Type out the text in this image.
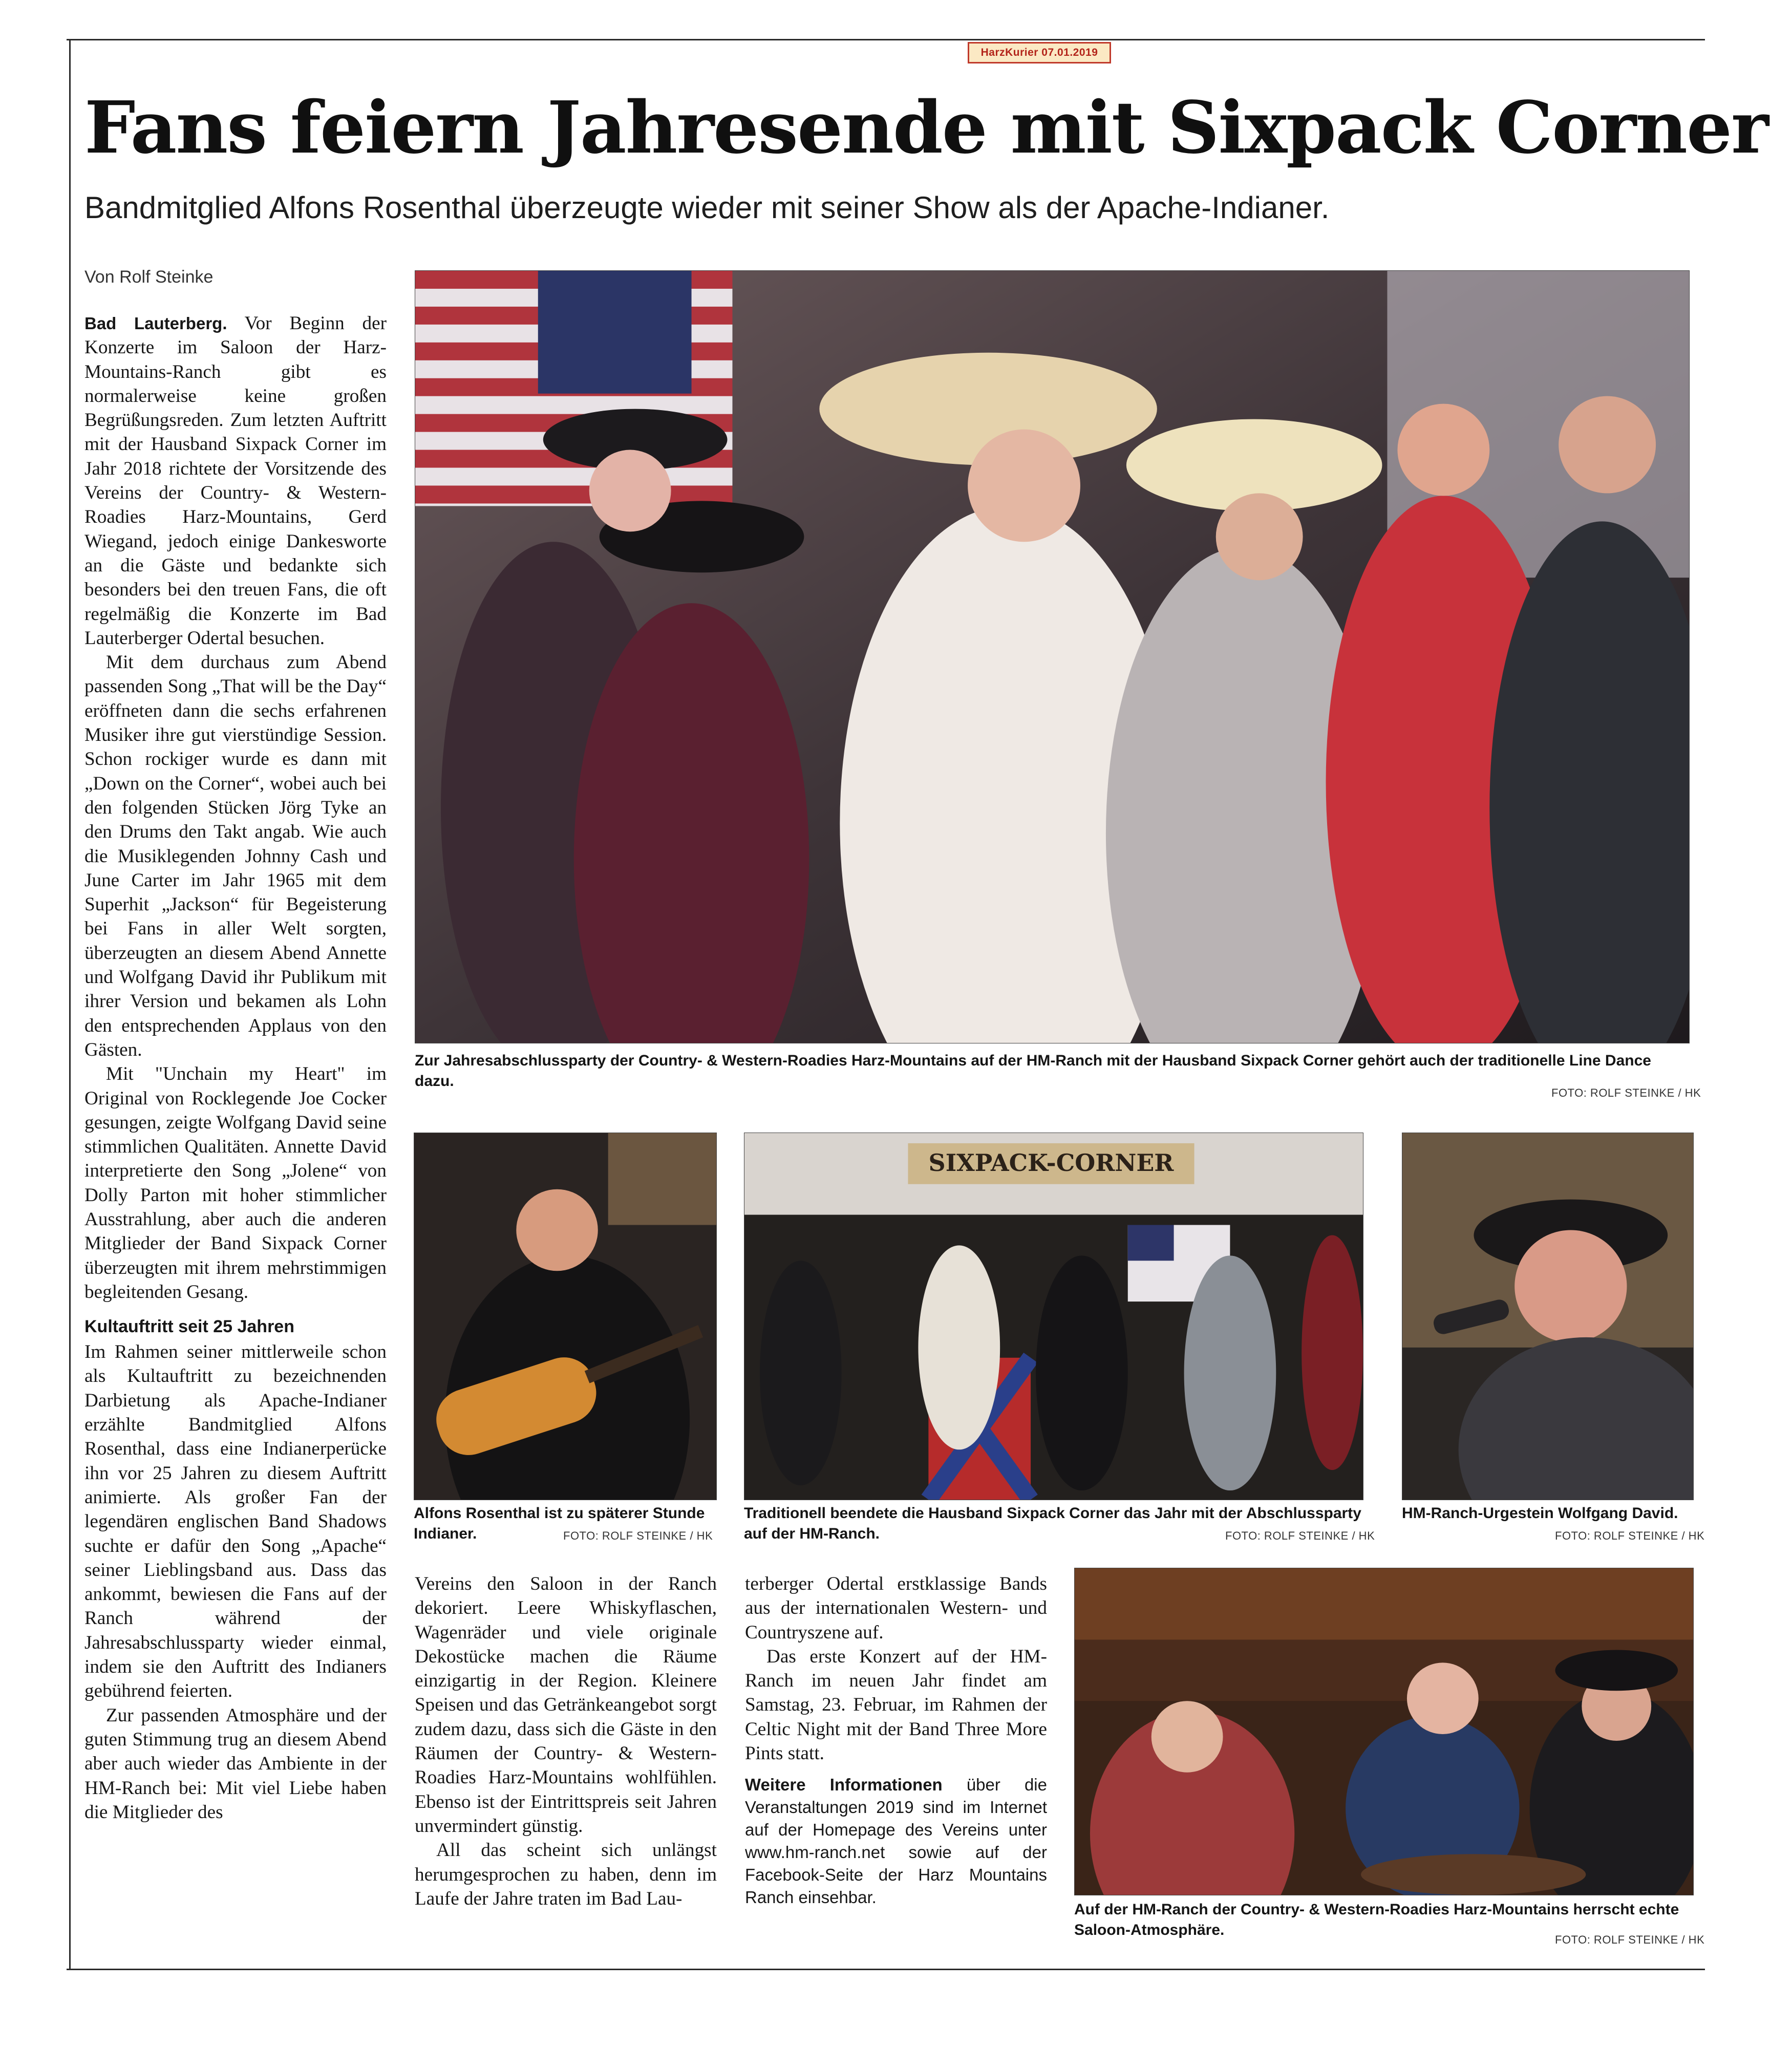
HarzKurier 07.01.2019
Fans feiern Jahresende mit Sixpack Corner
Bandmitglied Alfons Rosenthal überzeugte wieder mit seiner Show als der Apache-Indianer.
Von Rolf Steinke

Bad Lauterberg. Vor Beginn der Konzerte im Saloon der Harz-Mountains-Ranch gibt es normalerweise keine großen Begrüßungsreden. Zum letzten Auftritt mit der Hausband Sixpack Corner im Jahr 2018 richtete der Vorsitzende des Vereins der Country- & Western-Roadies Harz-Mountains, Gerd Wiegand, jedoch einige Dankesworte an die Gäste und bedankte sich besonders bei den treuen Fans, die oft regelmäßig die Konzerte im Bad Lauterberger Odertal besuchen.

Mit dem durchaus zum Abend passenden Song „That will be the Day“ eröffneten dann die sechs erfahrenen Musiker ihre gut vierstündige Session. Schon rockiger wurde es dann mit „Down on the Corner“, wobei auch bei den folgenden Stücken Jörg Tyke an den Drums den Takt angab. Wie auch die Musiklegenden Johnny Cash und June Carter im Jahr 1965 mit dem Superhit „Jackson“ für Begeisterung bei Fans in aller Welt sorgten, überzeugten an diesem Abend Annette und Wolfgang David ihr Publikum mit ihrer Version und bekamen als Lohn den entsprechenden Applaus von den Gästen.

Mit "Unchain my Heart" im Original von Rocklegende Joe Cocker gesungen, zeigte Wolfgang David seine stimmlichen Qualitäten. Annette David interpretierte den Song „Jolene“ von Dolly Parton mit hoher stimmlicher Ausstrahlung, aber auch die anderen Mitglieder der Band Sixpack Corner überzeugten mit ihrem mehrstimmigen begleitenden Gesang.

Kultauftritt seit 25 Jahren

Im Rahmen seiner mittlerweile schon als Kultauftritt zu bezeichnenden Darbietung als Apache-Indianer erzählte Bandmitglied Alfons Rosenthal, dass eine Indianerperücke ihn vor 25 Jahren zu diesem Auftritt animierte. Als großer Fan der legendären englischen Band Shadows suchte er dafür den Song „Apache“ seiner Lieblingsband aus. Dass das ankommt, bewiesen die Fans auf der Ranch während der Jahresabschlussparty wieder einmal, indem sie den Auftritt des Indianers gebührend feierten.

Zur passenden Atmosphäre und der guten Stimmung trug an diesem Abend aber auch wieder das Ambiente in der HM-Ranch bei: Mit viel Liebe haben die Mitglieder des

Zur Jahresabschlussparty der Country- & Western-Roadies Harz-Mountains auf der HM-Ranch mit der Hausband Sixpack Corner gehört auch der traditionelle Line Dance dazu.
FOTO: ROLF STEINKE / HK
Alfons Rosenthal ist zu späterer Stunde Indianer.	FOTO: ROLF STEINKE / HK
SIXPACK-CORNER
Traditionell beendete die Hausband Sixpack Corner das Jahr mit der Abschlussparty auf der HM-Ranch.	FOTO: ROLF STEINKE / HK
HM-Ranch-Urgestein Wolfgang David.
FOTO: ROLF STEINKE / HK

Vereins den Saloon in der Ranch dekoriert. Leere Whiskyflaschen, Wagenräder und viele originale Dekostücke machen die Räume einzigartig in der Region. Kleinere Speisen und das Getränkeangebot sorgt zudem dazu, dass sich die Gäste in den Räumen der Country- & Western-Roadies Harz-Mountains wohlfühlen. Ebenso ist der Eintrittspreis seit Jahren unvermindert günstig.

All das scheint sich unlängst herumgesprochen zu haben, denn im Laufe der Jahre traten im Bad Lau-

terberger Odertal erstklassige Bands aus der internationalen Western- und Countryszene auf.

Das erste Konzert auf der HM-Ranch im neuen Jahr findet am Samstag, 23. Februar, im Rahmen der Celtic Night mit der Band Three More Pints statt.

Weitere Informationen über die Veranstaltungen 2019 sind im Internet auf der Homepage des Vereins unter www.hm-ranch.net sowie auf der Facebook-Seite der Harz Mountains Ranch einsehbar.

Auf der HM-Ranch der Country- & Western-Roadies Harz-Mountains herrscht echte Saloon-Atmosphäre.
FOTO: ROLF STEINKE / HK
